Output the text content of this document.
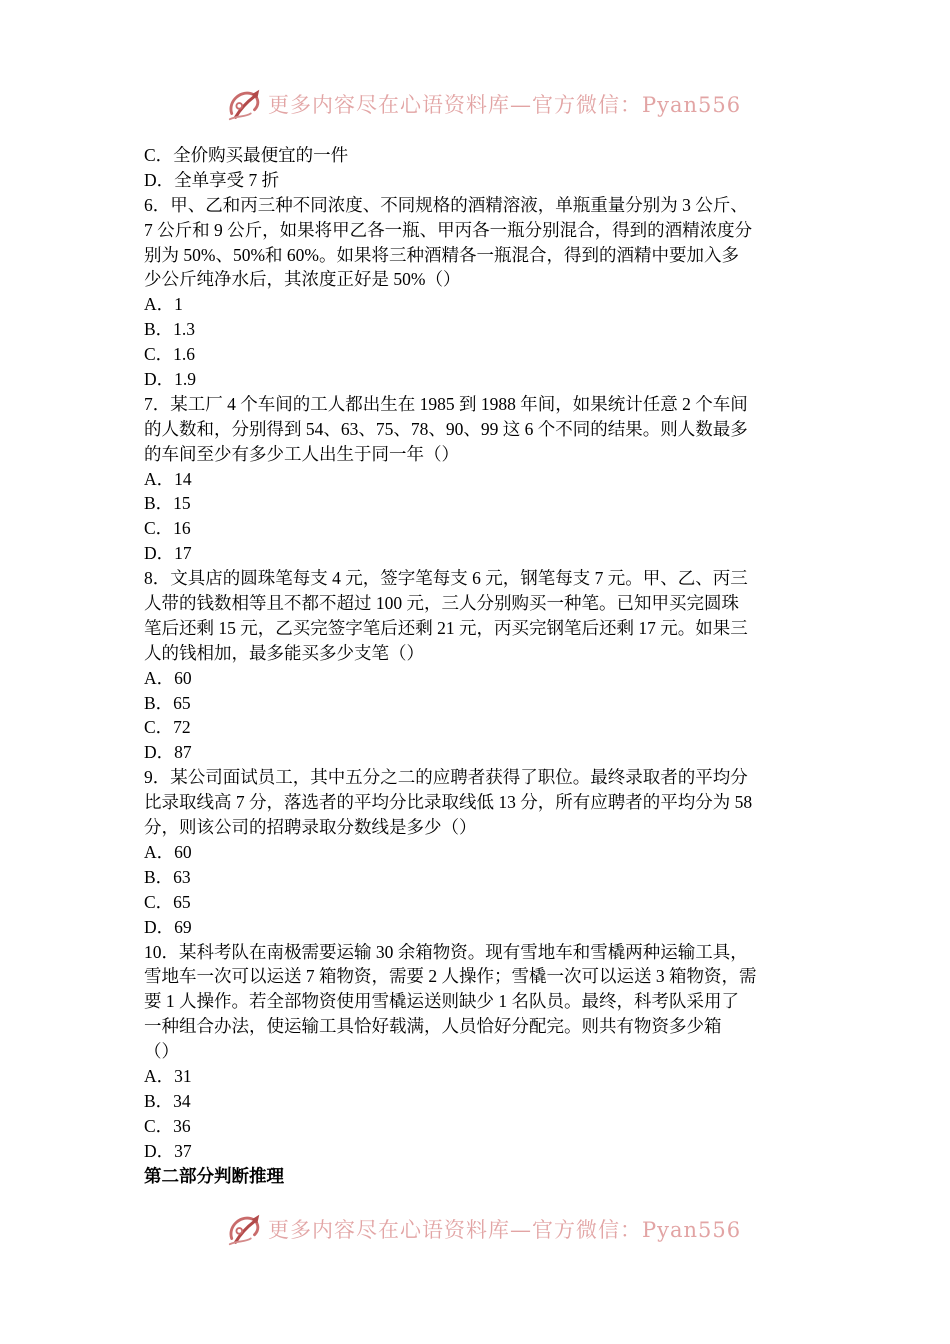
更多内容尽在心语资料库—官方微信：Pyan556
C．全价购买最便宜的一件
D．全单享受 7 折
6．甲、乙和丙三种不同浓度、不同规格的酒精溶液，单瓶重量分别为 3 公斤、
7 公斤和 9 公斤，如果将甲乙各一瓶、甲丙各一瓶分别混合，得到的酒精浓度分
别为 50%、50%和 60%。如果将三种酒精各一瓶混合，得到的酒精中要加入多
少公斤纯净水后，其浓度正好是 50%（）
A．1
B．1.3
C．1.6
D．1.9
7．某工厂 4 个车间的工人都出生在 1985 到 1988 年间，如果统计任意 2 个车间
的人数和，分别得到 54、63、75、78、90、99 这 6 个不同的结果。则人数最多
的车间至少有多少工人出生于同一年（）
A．14
B．15
C．16
D．17
8．文具店的圆珠笔每支 4 元，签字笔每支 6 元，钢笔每支 7 元。甲、乙、丙三
人带的钱数相等且不都不超过 100 元，三人分别购买一种笔。已知甲买完圆珠
笔后还剩 15 元，乙买完签字笔后还剩 21 元，丙买完钢笔后还剩 17 元。如果三
人的钱相加，最多能买多少支笔（）
A．60
B．65
C．72
D．87
9．某公司面试员工，其中五分之二的应聘者获得了职位。最终录取者的平均分
比录取线高 7 分，落选者的平均分比录取线低 13 分，所有应聘者的平均分为 58
分，则该公司的招聘录取分数线是多少（）
A．60
B．63
C．65
D．69
10．某科考队在南极需要运输 30 余箱物资。现有雪地车和雪橇两种运输工具，
雪地车一次可以运送 7 箱物资，需要 2 人操作；雪橇一次可以运送 3 箱物资，需
要 1 人操作。若全部物资使用雪橇运送则缺少 1 名队员。最终，科考队采用了
一种组合办法，使运输工具恰好载满，人员恰好分配完。则共有物资多少箱
（）
A．31
B．34
C．36
D．37
第二部分判断推理
更多内容尽在心语资料库—官方微信：Pyan556
